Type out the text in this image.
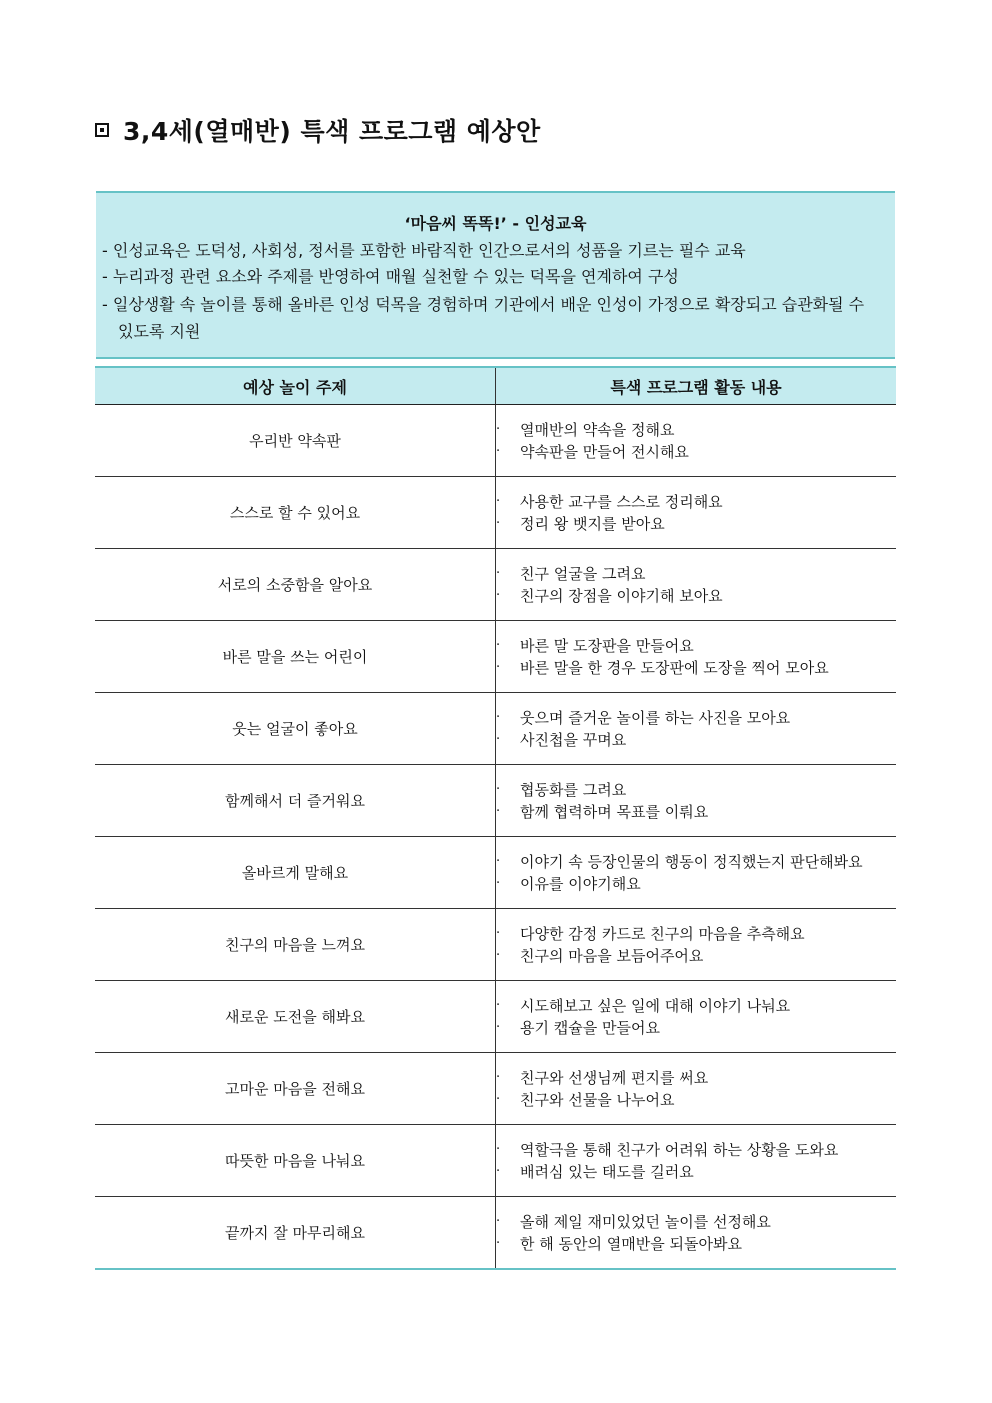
3,4세(열매반) 특색 프로그램 예상안
‘마음씨 똑똑!’ - 인성교육
- 인성교육은 도덕성, 사회성, 정서를 포함한 바람직한 인간으로서의 성품을 기르는 필수 교육
- 누리과정 관련 요소와 주제를 반영하여 매월 실천할 수 있는 덕목을 연계하여 구성
- 일상생활 속 놀이를 통해 올바른 인성 덕목을 경험하며 기관에서 배운 인성이 가정으로 확장되고 습관화될 수
있도록 지원
예상 놀이 주제	특색 프로그램 활동 내용
우리반 약속판	· 열매반의 약속을 정해요
· 약속판을 만들어 전시해요

스스로 할 수 있어요	· 사용한 교구를 스스로 정리해요
· 정리 왕 뱃지를 받아요

서로의 소중함을 알아요	· 친구 얼굴을 그려요
· 친구의 장점을 이야기해 보아요

바른 말을 쓰는 어린이	· 바른 말 도장판을 만들어요
· 바른 말을 한 경우 도장판에 도장을 찍어 모아요

웃는 얼굴이 좋아요	· 웃으며 즐거운 놀이를 하는 사진을 모아요
· 사진첩을 꾸며요

함께해서 더 즐거워요	· 협동화를 그려요
· 함께 협력하며 목표를 이뤄요

올바르게 말해요	· 이야기 속 등장인물의 행동이 정직했는지 판단해봐요
· 이유를 이야기해요

친구의 마음을 느껴요	· 다양한 감정 카드로 친구의 마음을 추측해요
· 친구의 마음을 보듬어주어요

새로운 도전을 해봐요	· 시도해보고 싶은 일에 대해 이야기 나눠요
· 용기 캡슐을 만들어요

고마운 마음을 전해요	· 친구와 선생님께 편지를 써요
· 친구와 선물을 나누어요

따뜻한 마음을 나눠요	· 역할극을 통해 친구가 어려워 하는 상황을 도와요
· 배려심 있는 태도를 길러요

끝까지 잘 마무리해요	· 올해 제일 재미있었던 놀이를 선정해요
· 한 해 동안의 열매반을 되돌아봐요
